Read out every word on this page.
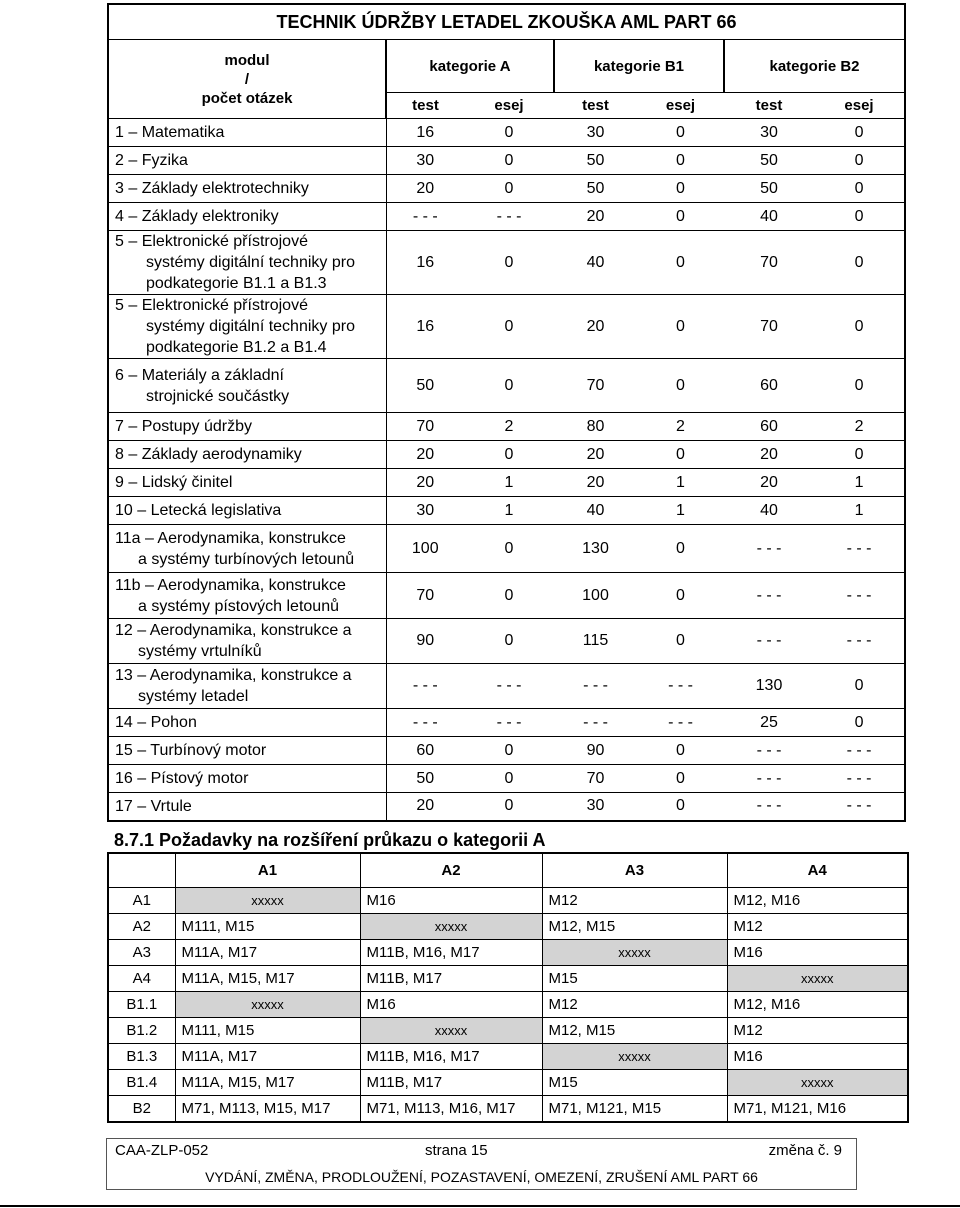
TECHNIK ÚDRŽBY LETADEL ZKOUŠKA AML PART 66						
modul
/
počet otázek	kategorie A		kategorie B1		kategorie B2	
	test	esej	test	esej	test	esej

1 – Matematika	16	0	30	0	30	0

2 – Fyzika	30	0	50	0	50	0

3 – Základy elektrotechniky	20	0	50	0	50	0

4 – Základy elektroniky	- - -	- - -	20	0	40	0

5 – Elektronické přístrojové
systémy digitální techniky pro
podkategorie B1.1 a B1.3	16	0	40	0	70	0

5 – Elektronické přístrojové
systémy digitální techniky pro
podkategorie B1.2 a B1.4	16	0	20	0	70	0

6 – Materiály a základní
strojnické součástky	50	0	70	0	60	0

7 – Postupy údržby	70	2	80	2	60	2

8 – Základy aerodynamiky	20	0	20	0	20	0

9 – Lidský činitel	20	1	20	1	20	1

10 – Letecká legislativa	30	1	40	1	40	1

11a – Aerodynamika, konstrukce
a systémy turbínových letounů	100	0	130	0	- - -	- - -

11b – Aerodynamika, konstrukce
a systémy pístových letounů	70	0	100	0	- - -	- - -

12 – Aerodynamika, konstrukce a
systémy vrtulníků	90	0	115	0	- - -	- - -

13 – Aerodynamika, konstrukce a
systémy letadel	- - -	- - -	- - -	- - -	130	0

14 – Pohon	- - -	- - -	- - -	- - -	25	0

15 – Turbínový motor	60	0	90	0	- - -	- - -

16 – Pístový motor	50	0	70	0	- - -	- - -

17 – Vrtule	20	0	30	0	- - -	- - -
8.7.1 Požadavky na rozšíření průkazu o kategorii A
	A1	A2	A3	A4
A1	xxxxx	M16	M12	M12, M16
A2	M111, M15	xxxxx	M12, M15	M12
A3	M11A, M17	M11B, M16, M17	xxxxx	M16
A4	M11A, M15, M17	M11B, M17	M15	xxxxx
B1.1	xxxxx	M16	M12	M12, M16
B1.2	M111, M15	xxxxx	M12, M15	M12
B1.3	M11A, M17	M11B, M16, M17	xxxxx	M16
B1.4	M11A, M15, M17	M11B, M17	M15	xxxxx
B2	M71, M113, M15, M17	M71, M113, M16, M17	M71, M121, M15	M71, M121, M16
CAA-ZLP-052	strana 15	změna č. 9
VYDÁNÍ, ZMĚNA, PRODLOUŽENÍ, POZASTAVENÍ, OMEZENÍ, ZRUŠENÍ AML PART 66
